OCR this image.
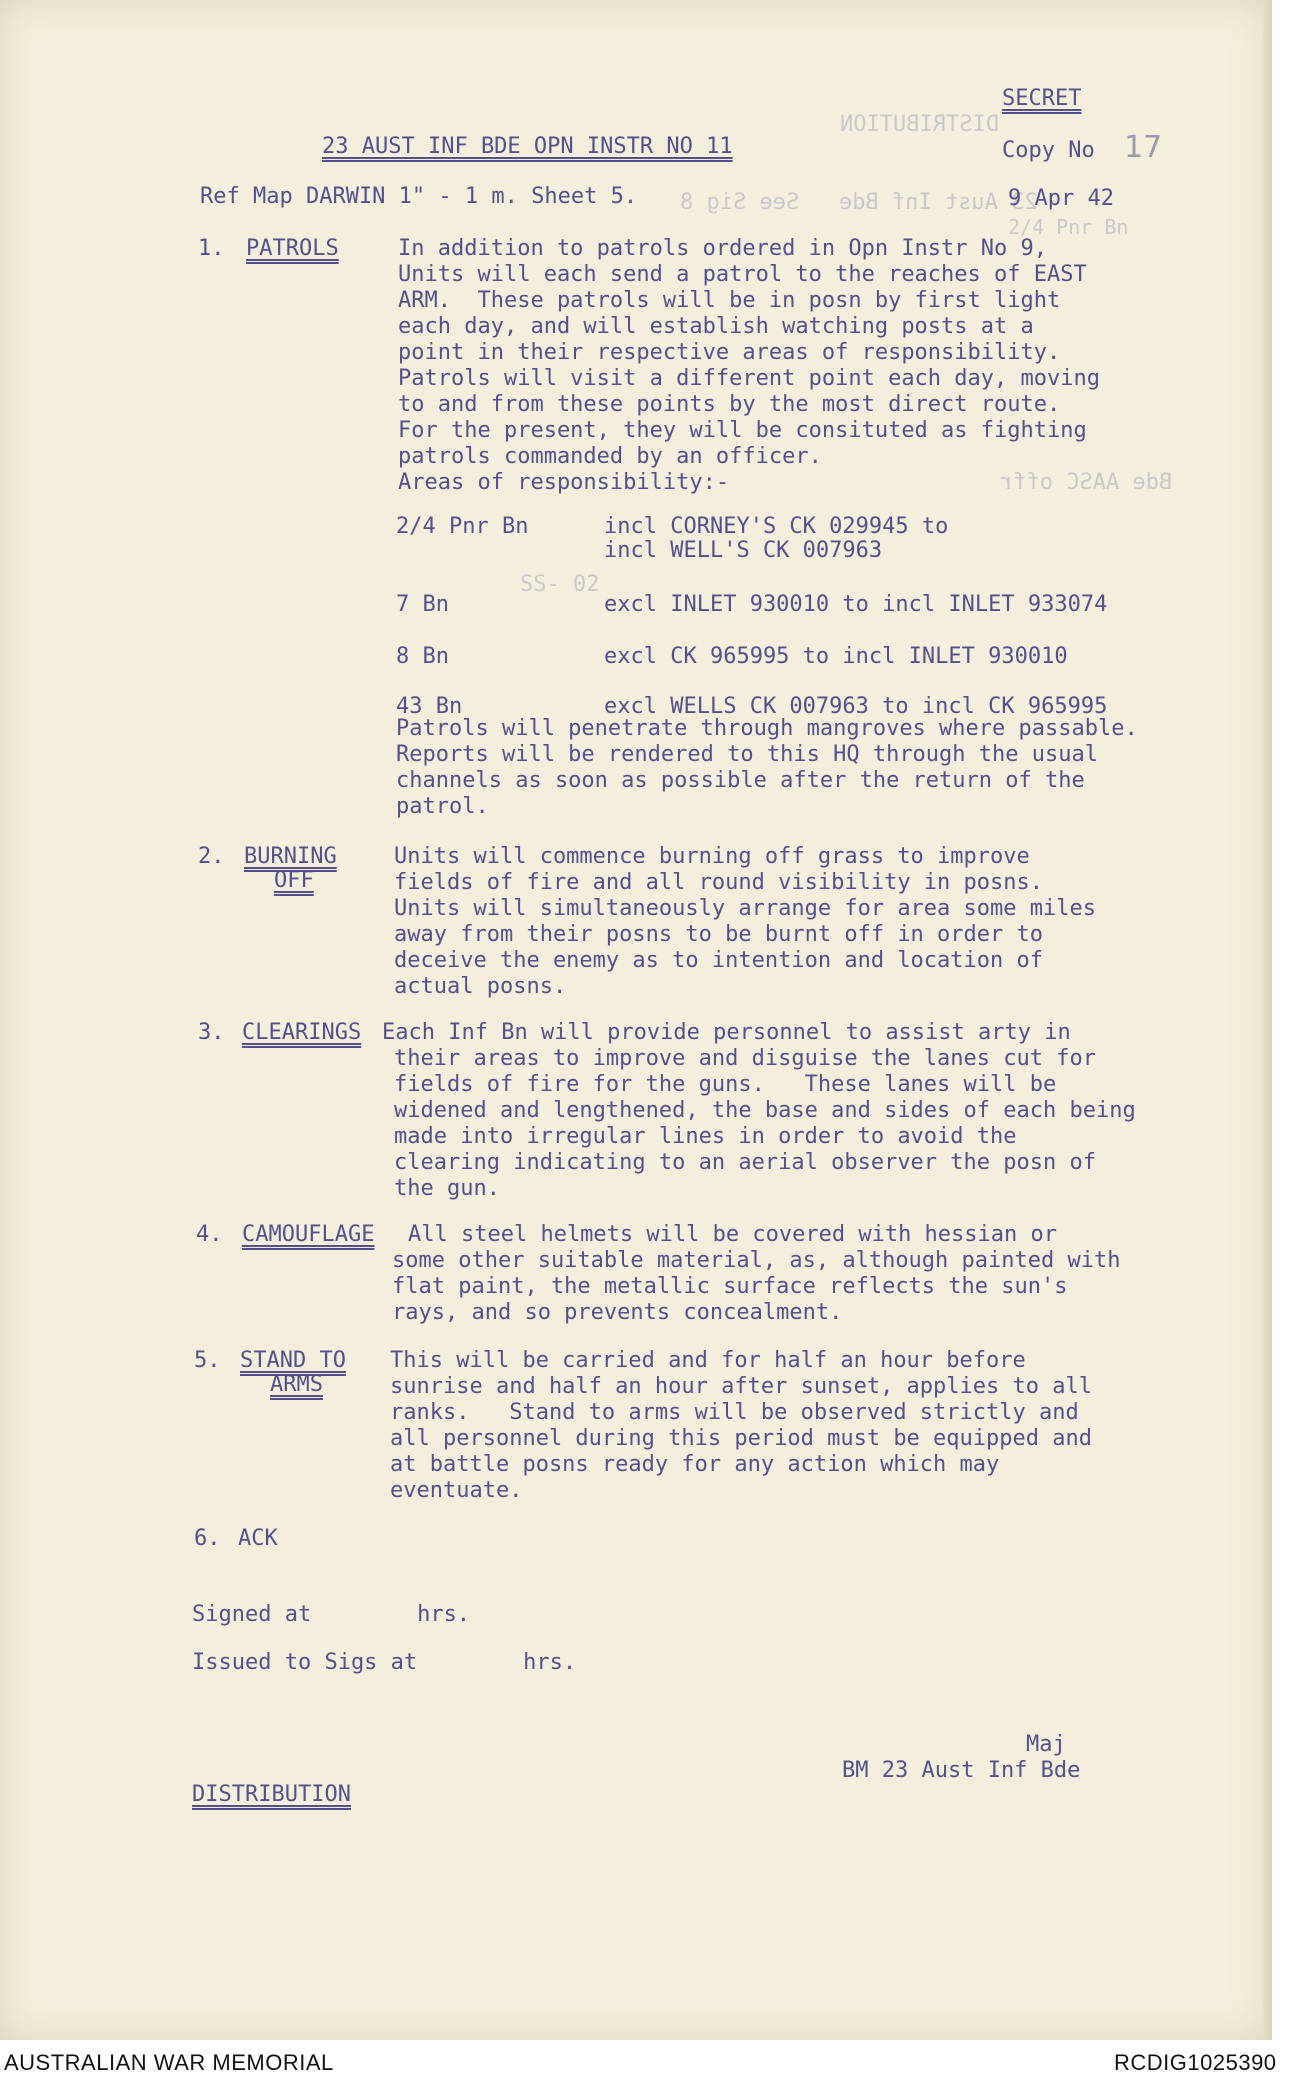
DISTRIBUTION
23 Aust Inf Bde   See Sig 8
2/4 Pnr Bn
Bde AASC offr
SS- 02
SECRET
23 AUST INF BDE OPN INSTR NO 11	Copy No 17
Ref Map DARWIN 1" - 1 m. Sheet 5.	9 Apr 42
1. PATROLS	In addition to patrols ordered in Opn Instr No 9,
Units will each send a patrol to the reaches of EAST
ARM.  These patrols will be in posn by first light
each day, and will establish watching posts at a
point in their respective areas of responsibility.
Patrols will visit a different point each day, moving
to and from these points by the most direct route.
For the present, they will be consituted as fighting
patrols commanded by an officer.
Areas of responsibility:-
2/4 Pnr Bn	incl CORNEY'S CK 029945 to
incl WELL'S CK 007963
7 Bn	excl INLET 930010 to incl INLET 933074
8 Bn	excl CK 965995 to incl INLET 930010
43 Bn	excl WELLS CK 007963 to incl CK 965995
Patrols will penetrate through mangroves where passable.
Reports will be rendered to this HQ through the usual
channels as soon as possible after the return of the
patrol.
2. BURNING
OFF
Units will commence burning off grass to improve
fields of fire and all round visibility in posns.
Units will simultaneously arrange for area some miles
away from their posns to be burnt off in order to
deceive the enemy as to intention and location of
actual posns.
3. CLEARINGS Each Inf Bn will provide personnel to assist arty in
their areas to improve and disguise the lanes cut for
fields of fire for the guns.   These lanes will be
widened and lengthened, the base and sides of each being
made into irregular lines in order to avoid the
clearing indicating to an aerial observer the posn of
the gun.
4. CAMOUFLAGE All steel helmets will be covered with hessian or
some other suitable material, as, although painted with
flat paint, the metallic surface reflects the sun's
rays, and so prevents concealment.
5. STAND TO
ARMS
This will be carried and for half an hour before
sunrise and half an hour after sunset, applies to all
ranks.   Stand to arms will be observed strictly and
all personnel during this period must be equipped and
at battle posns ready for any action which may
eventuate.
6. ACK
Signed at        hrs.
Issued to Sigs at        hrs.
Maj
BM 23 Aust Inf Bde
DISTRIBUTION
AUSTRALIAN WAR MEMORIAL	RCDIG1025390
